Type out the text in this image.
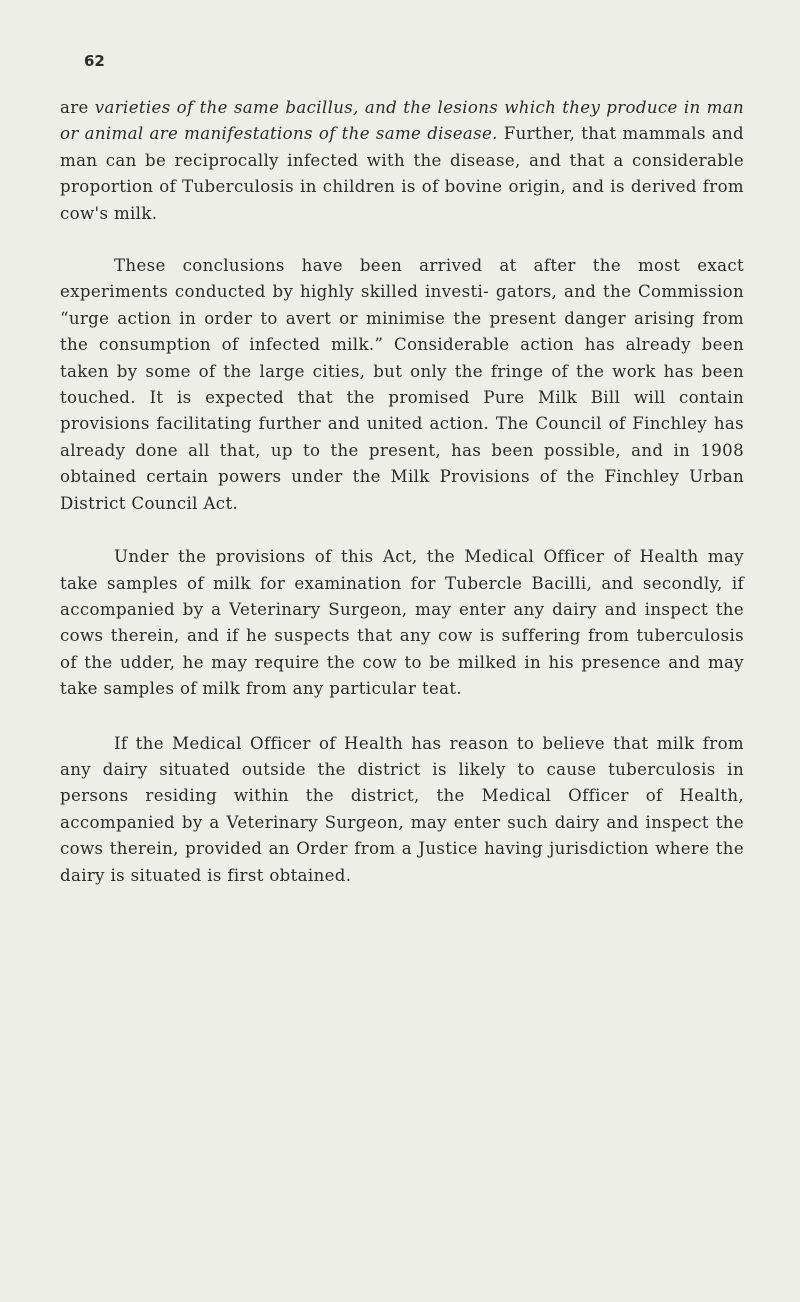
62

are varieties of the same bacillus, and the lesions which they produce in man or animal are manifestations of the same disease. Further, that mammals and man can be reciprocally infected with the disease, and that a considerable proportion of Tuberculosis in children is of bovine origin, and is derived from cow's milk.

These conclusions have been arrived at after the most exact experiments conducted by highly skilled investi- gators, and the Commission “urge action in order to avert or minimise the present danger arising from the consumption of infected milk.” Considerable action has already been taken by some of the large cities, but only the fringe of the work has been touched. It is expected that the promised Pure Milk Bill will contain provisions facilitating further and united action. The Council of Finchley has already done all that, up to the present, has been possible, and in 1908 obtained certain powers under the Milk Provisions of the Finchley Urban District Council Act.

Under the provisions of this Act, the Medical Officer of Health may take samples of milk for examination for Tubercle Bacilli, and secondly, if accompanied by a Veterinary Surgeon, may enter any dairy and inspect the cows therein, and if he suspects that any cow is suffering from tuberculosis of the udder, he may require the cow to be milked in his presence and may take samples of milk from any particular teat.

If the Medical Officer of Health has reason to believe that milk from any dairy situated outside the district is likely to cause tuberculosis in persons residing within the district, the Medical Officer of Health, accompanied by a Veterinary Surgeon, may enter such dairy and inspect the cows therein, provided an Order from a Justice having jurisdiction where the dairy is situated is first obtained.
